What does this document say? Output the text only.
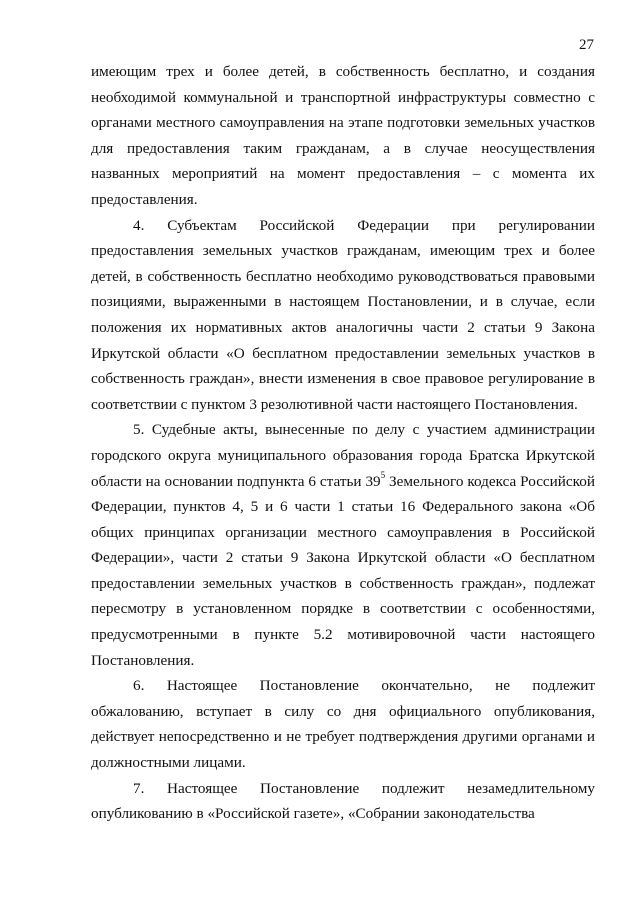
27

имеющим трех и более детей, в собственность бесплатно, и создания необходимой коммунальной и транспортной инфраструктуры совместно с органами местного самоуправления на этапе подготовки земельных участков для предоставления таким гражданам, а в случае неосуществления названных мероприятий на момент предоставления – с момента их предоставления.

4. Субъектам Российской Федерации при регулировании предоставления земельных участков гражданам, имеющим трех и более детей, в собственность бесплатно необходимо руководствоваться правовыми позициями, выраженными в настоящем Постановлении, и в случае, если положения их нормативных актов аналогичны части 2 статьи 9 Закона Иркутской области «О бесплатном предоставлении земельных участков в собственность граждан», внести изменения в свое правовое регулирование в соответствии с пунктом 3 резолютивной части настоящего Постановления.

5. Судебные акты, вынесенные по делу с участием администрации городского округа муниципального образования города Братска Иркутской области на основании подпункта 6 статьи $39^5$ Земельного кодекса Российской Федерации, пунктов 4, 5 и 6 части 1 статьи 16 Федерального закона «Об общих принципах организации местного самоуправления в Российской Федерации», части 2 статьи 9 Закона Иркутской области «О бесплатном предоставлении земельных участков в собственность граждан», подлежат пересмотру в установленном порядке в соответствии с особенностями, предусмотренными в пункте 5.2 мотивировочной части настоящего Постановления.

6. Настоящее Постановление окончательно, не подлежит обжалованию, вступает в силу со дня официального опубликования, действует непосредственно и не требует подтверждения другими органами и должностными лицами.

7. Настоящее Постановление подлежит незамедлительному опубликованию в «Российской газете», «Собрании законодательства
